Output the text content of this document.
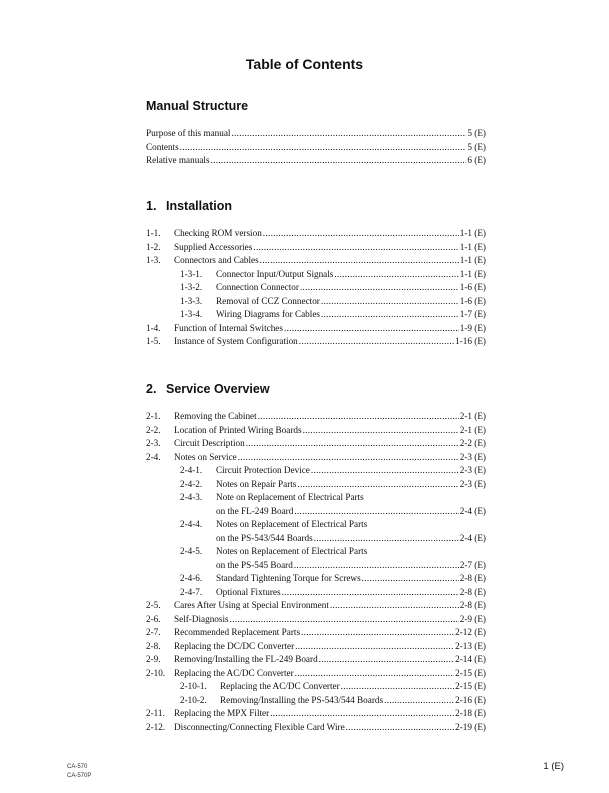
Table of Contents
Manual Structure
Purpose of this manual .....	5 (E)
Contents .....	5 (E)
Relative manuals .....	6 (E)
1. Installation
1-1.	Checking ROM version .....	1-1 (E)
1-2.	Supplied Accessories .....	1-1 (E)
1-3.	Connectors and Cables .....	1-1 (E)
1-3-1.	Connector Input/Output Signals .....	1-1 (E)
1-3-2.	Connection Connector .....	1-6 (E)
1-3-3.	Removal of CCZ Connector .....	1-6 (E)
1-3-4.	Wiring Diagrams for Cables .....	1-7 (E)
1-4.	Function of Internal Switches .....	1-9 (E)
1-5.	Instance of System Configuration .....	1-16 (E)
2. Service Overview
2-1.	Removing the Cabinet .....	2-1 (E)
2-2.	Location of Printed Wiring Boards .....	2-1 (E)
2-3.	Circuit Description .....	2-2 (E)
2-4.	Notes on Service .....	2-3 (E)
2-4-1.	Circuit Protection Device .....	2-3 (E)
2-4-2.	Notes on Repair Parts .....	2-3 (E)
2-4-3.	Note on Replacement of Electrical Parts
on the FL-249 Board .....	2-4 (E)
2-4-4.	Notes on Replacement of Electrical Parts
on the PS-543/544 Boards .....	2-4 (E)
2-4-5.	Notes on Replacement of Electrical Parts
on the PS-545 Board .....	2-7 (E)
2-4-6.	Standard Tightening Torque for Screws .....	2-8 (E)
2-4-7.	Optional Fixtures .....	2-8 (E)
2-5.	Cares After Using at Special Environment .....	2-8 (E)
2-6.	Self-Diagnosis .....	2-9 (E)
2-7.	Recommended Replacement Parts .....	2-12 (E)
2-8.	Replacing the DC/DC Converter .....	2-13 (E)
2-9.	Removing/Installing the FL-249 Board .....	2-14 (E)
2-10. Replacing the AC/DC Converter .....	2-15 (E)
2-10-1.	Replacing the AC/DC Converter .....	2-15 (E)
2-10-2.	Removing/Installing the PS-543/544 Boards .....	2-16 (E)
2-11.	Replacing the MPX Filter .....	2-18 (E)
2-12. Disconnecting/Connecting Flexible Card Wire .....	2-19 (E)
CA-570
CA-570P
1 (E)
